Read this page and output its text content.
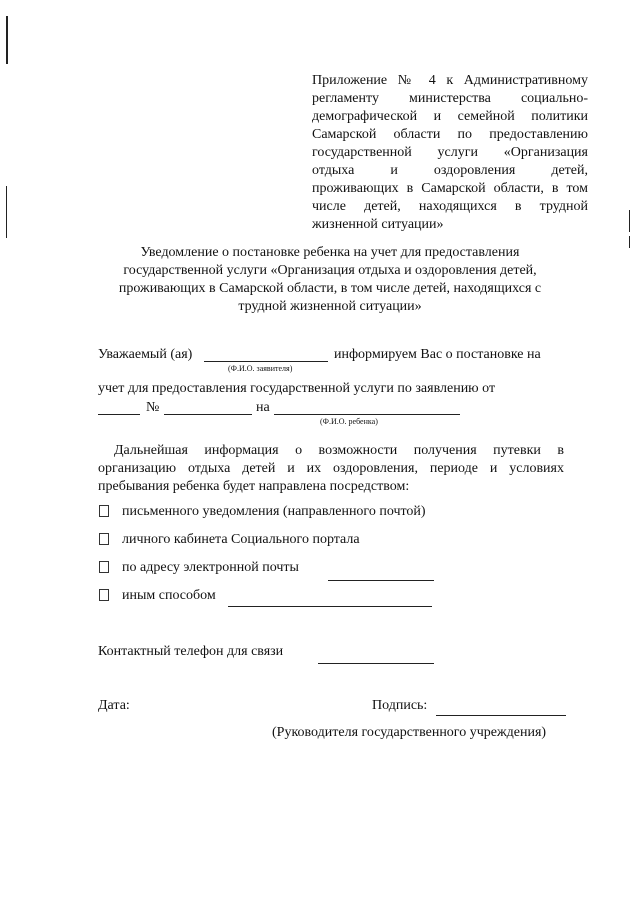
Приложение № 4 к Административному
регламенту министерства социально-
демографической и семейной политики
Самарской области по предоставлению
государственной услуги «Организация
отдыха и оздоровления детей,
проживающих в Самарской области, в том
числе детей, находящихся в трудной
жизненной ситуации»
Уведомление о постановке ребенка на учет для предоставления
государственной услуги «Организация отдыха и оздоровления детей,
проживающих в Самарской области, в том числе детей, находящихся с
трудной жизненной ситуации»
Уважаемый (ая)	информируем Вас о постановке на
(Ф.И.О. заявителя)
учет для предоставления государственной услуги по заявлению от
№	на
(Ф.И.О. ребенка)
Дальнейшая информация о возможности получения путевки в
организацию отдыха детей и их оздоровления, периоде и условиях
пребывания ребенка будет направлена посредством:
письменного уведомления (направленного почтой)
личного кабинета Социального портала
по адресу электронной почты
иным способом
Контактный телефон для связи
Дата:	Подпись:
(Руководителя государственного учреждения)
